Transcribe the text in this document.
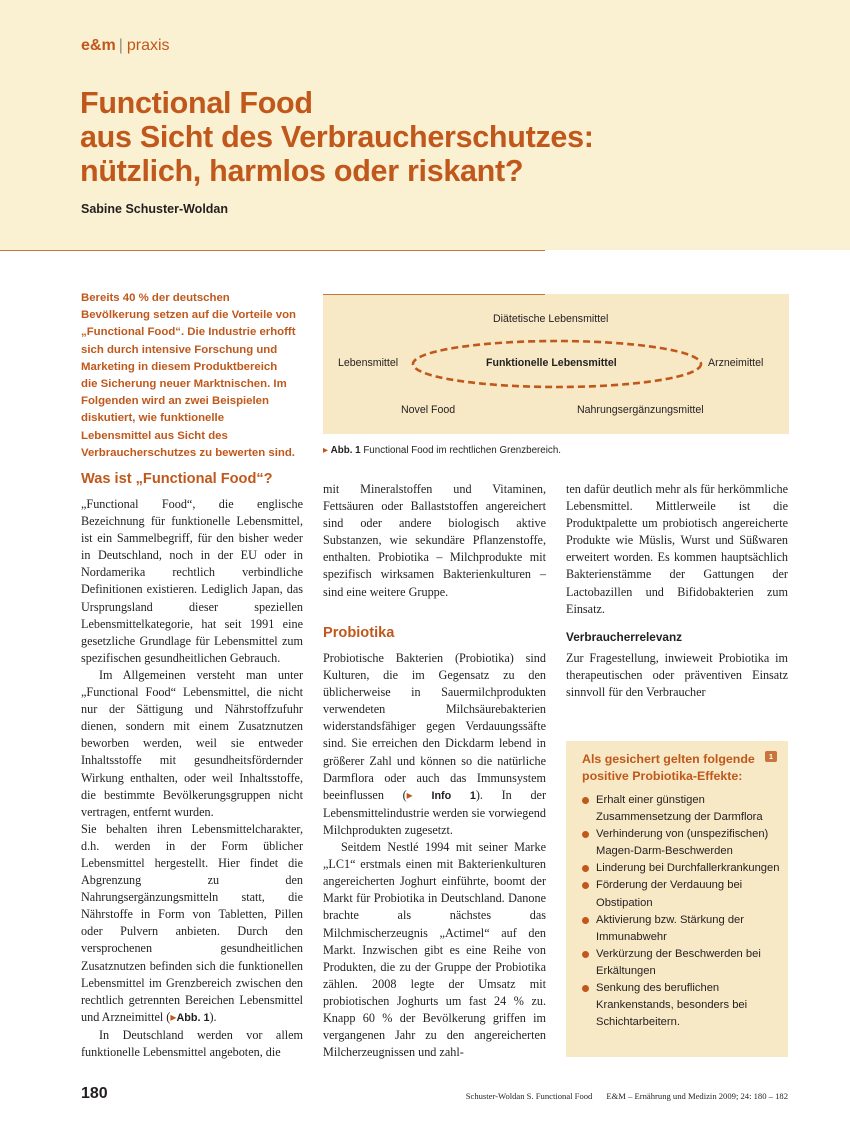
e&m | praxis
Functional Food
aus Sicht des Verbraucherschutzes:
nützlich, harmlos oder riskant?
Sabine Schuster-Woldan

Bereits 40 % der deutschen Bevölkerung setzen auf die Vorteile von „Functional Food“. Die Industrie erhofft sich durch intensive Forschung und Marketing in diesem Produktbereich die Sicherung neuer Marktnischen. Im Folgenden wird an zwei Beispielen diskutiert, wie funktionelle Lebensmittel aus Sicht des Verbraucherschutzes zu bewerten sind.

Diätetische Lebensmittel
Lebensmittel	Funktionelle Lebensmittel	Arzneimittel
Novel Food	Nahrungsergänzungsmittel
▸ Abb. 1 Functional Food im rechtlichen Grenzbereich.
Was ist „Functional Food“?

„Functional Food“, die englische Bezeichnung für funktionelle Lebensmittel, ist ein Sammelbegriff, für den bisher weder in Deutschland, noch in der EU oder in Nordamerika rechtlich verbindliche Definitionen existieren. Lediglich Japan, das Ursprungsland dieser speziellen Lebensmittelkategorie, hat seit 1991 eine gesetzliche Grundlage für Lebensmittel zum spezifischen gesundheitlichen Gebrauch.

Im Allgemeinen versteht man unter „Functional Food“ Lebensmittel, die nicht nur der Sättigung und Nährstoffzufuhr dienen, sondern mit einem Zusatznutzen beworben werden, weil sie entweder Inhaltsstoffe mit gesundheitsfördernder Wirkung enthalten, oder weil Inhaltsstoffe, die bestimmte Bevölkerungsgruppen nicht vertragen, entfernt wurden.

Sie behalten ihren Lebensmittelcharakter, d.h. werden in der Form üblicher Lebensmittel hergestellt. Hier findet die Abgrenzung zu den Nahrungsergänzungsmitteln statt, die Nährstoffe in Form von Tabletten, Pillen oder Pulvern anbieten. Durch den versprochenen gesundheitlichen Zusatznutzen befinden sich die funktionellen Lebensmittel im Grenzbereich zwischen den rechtlich getrennten Bereichen Lebensmittel und Arzneimittel (▸Abb. 1).

In Deutschland werden vor allem funktionelle Lebensmittel angeboten, die

mit Mineralstoffen und Vitaminen, Fettsäuren oder Ballaststoffen angereichert sind oder andere biologisch aktive Substanzen, wie sekundäre Pflanzenstoffe, enthalten. Probiotika – Milchprodukte mit spezifisch wirksamen Bakterienkulturen – sind eine weitere Gruppe.

Probiotika

Probiotische Bakterien (Probiotika) sind Kulturen, die im Gegensatz zu den üblicherweise in Sauermilchprodukten verwendeten Milchsäurebakterien widerstandsfähiger gegen Verdauungssäfte sind. Sie erreichen den Dickdarm lebend in größerer Zahl und können so die natürliche Darmflora oder auch das Immunsystem beeinflussen (▸ Info 1). In der Lebensmittelindustrie werden sie vorwiegend Milchprodukten zugesetzt.

Seitdem Nestlé 1994 mit seiner Marke „LC1“ erstmals einen mit Bakterienkulturen angereicherten Joghurt einführte, boomt der Markt für Probiotika in Deutschland. Danone brachte als nächstes das Milchmischerzeugnis „Actimel“ auf den Markt. Inzwischen gibt es eine Reihe von Produkten, die zu der Gruppe der Probiotika zählen. 2008 legte der Umsatz mit probiotischen Joghurts um fast 24 % zu. Knapp 60 % der Bevölkerung griffen im vergangenen Jahr zu den angereicherten Milcherzeugnissen und zahl-

ten dafür deutlich mehr als für herkömmliche Lebensmittel. Mittlerweile ist die Produktpalette um probiotisch angereicherte Produkte wie Müslis, Wurst und Süßwaren erweitert worden. Es kommen hauptsächlich Bakterienstämme der Gattungen der Lactobazillen und Bifidobakterien zum Einsatz.

Verbraucherrelevanz

Zur Fragestellung, inwieweit Probiotika im therapeutischen oder präventiven Einsatz sinnvoll für den Verbraucher

Als gesichert gelten folgende positive Probiotika-Effekte:

1
Erhalt einer günstigen Zusammensetzung der Darmflora
Verhinderung von (unspezifischen) Magen-Darm-Beschwerden
Linderung bei Durchfallerkrankungen
Förderung der Verdauung bei Obstipation
Aktivierung bzw. Stärkung der Immunabwehr
Verkürzung der Beschwerden bei Erkältungen
Senkung des beruflichen Krankenstands, besonders bei Schichtarbeitern.
180	Schuster-Woldan S. Functional Food E&M – Ernährung und Medizin 2009; 24: 180 – 182
